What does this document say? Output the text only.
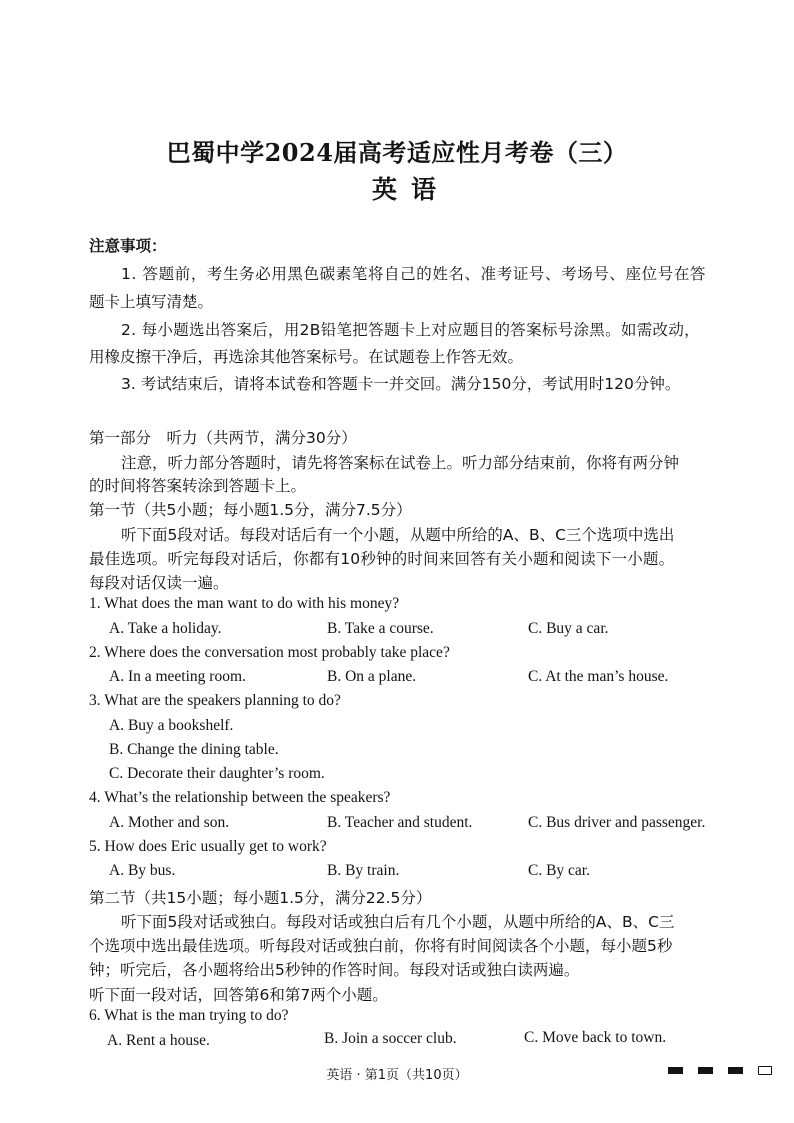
巴蜀中学2024届高考适应性月考卷（三）
英语
注意事项：
1. 答题前，考生务必用黑色碳素笔将自己的姓名、准考证号、考场号、座位号在答
题卡上填写清楚。
2. 每小题选出答案后，用2B铅笔把答题卡上对应题目的答案标号涂黑。如需改动，
用橡皮擦干净后，再选涂其他答案标号。在试题卷上作答无效。
3. 考试结束后，请将本试卷和答题卡一并交回。满分150分，考试用时120分钟。
第一部分　听力（共两节，满分30分）
注意，听力部分答题时，请先将答案标在试卷上。听力部分结束前，你将有两分钟
的时间将答案转涂到答题卡上。
第一节（共5小题；每小题1.5分，满分7.5分）
听下面5段对话。每段对话后有一个小题，从题中所给的A、B、C三个选项中选出
最佳选项。听完每段对话后，你都有10秒钟的时间来回答有关小题和阅读下一小题。
每段对话仅读一遍。
1. What does the man want to do with his money?
A. Take a holiday.	B. Take a course.	C. Buy a car.
2. Where does the conversation most probably take place?
A. In a meeting room.	B. On a plane.	C. At the man’s house.
3. What are the speakers planning to do?
A. Buy a bookshelf.
B. Change the dining table.
C. Decorate their daughter’s room.
4. What’s the relationship between the speakers?
A. Mother and son.	B. Teacher and student.	C. Bus driver and passenger.
5. How does Eric usually get to work?
A. By bus.	B. By train.	C. By car.
第二节（共15小题；每小题1.5分，满分22.5分）
听下面5段对话或独白。每段对话或独白后有几个小题，从题中所给的A、B、C三
个选项中选出最佳选项。听每段对话或独白前，你将有时间阅读各个小题，每小题5秒
钟；听完后，各小题将给出5秒钟的作答时间。每段对话或独白读两遍。
听下面一段对话，回答第6和第7两个小题。
6. What is the man trying to do?
A. Rent a house.	B. Join a soccer club.	C. Move back to town.
英语 · 第1页（共10页）
